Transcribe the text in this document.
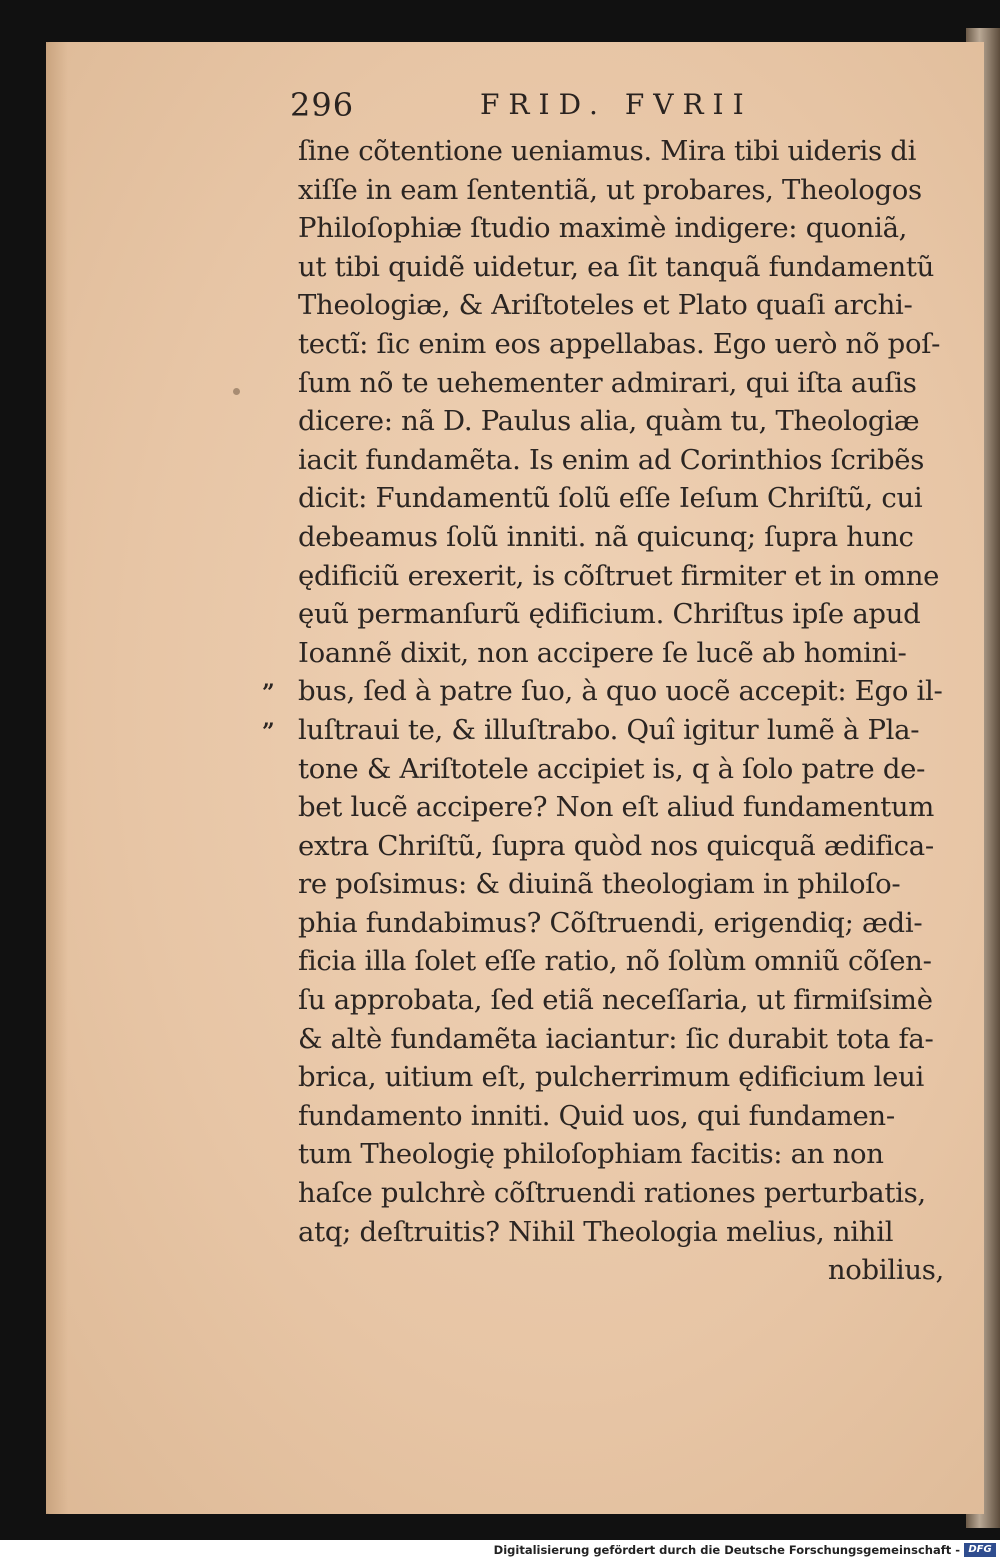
296	FRID. FVRII
”
”
ſine cõtentione ueniamus. Mira tibi uideris di
xiſſe in eam ſententiã, ut probares, Theologos
Philoſophiæ ſtudio maximè indigere: quoniã,
ut tibi quidẽ uidetur, ea ſit tanquã fundamentũ
Theologiæ, & Ariſtoteles et Plato quaſi archi-
tectĩ: ſic enim eos appellabas. Ego uerò nõ poſ-
ſum nõ te uehementer admirari, qui iſta auſis
dicere: nã D. Paulus alia, quàm tu, Theologiæ
iacit fundamẽta. Is enim ad Corinthios ſcribẽs
dicit: Fundamentũ ſolũ eſſe Ieſum Chriſtũ, cui
debeamus ſolũ inniti. nã quicunq; ſupra hunc
ędificiũ erexerit, is cõſtruet firmiter et in omne
ęuũ permanſurũ ędificium. Chriſtus ipſe apud
Ioannẽ dixit, non accipere ſe lucẽ ab homini-
bus, ſed à patre ſuo, à quo uocẽ accepit: Ego il-
luſtraui te, & illuſtrabo. Quî igitur lumẽ à Pla-
tone & Ariſtotele accipiet is, q à ſolo patre de-
bet lucẽ accipere? Non eſt aliud fundamentum
extra Chriſtũ, ſupra quòd nos quicquã ædifica-
re poſsimus: & diuinã theologiam in philoſo-
phia fundabimus? Cõſtruendi, erigendiq; ædi-
ficia illa ſolet eſſe ratio, nõ ſolùm omniũ cõſen-
ſu approbata, ſed etiã neceſſaria, ut firmiſsimè
& altè fundamẽta iaciantur: ſic durabit tota fa-
brica, uitium eſt, pulcherrimum ędificium leui
fundamento inniti. Quid uos, qui fundamen-
tum Theologię philoſophiam facitis: an non
haſce pulchrè cõſtruendi rationes perturbatis,
atq; deſtruitis? Nihil Theologia melius, nihil
nobilius,
Digitalisierung gefördert durch die Deutsche Forschungsgemeinschaft - DFG
